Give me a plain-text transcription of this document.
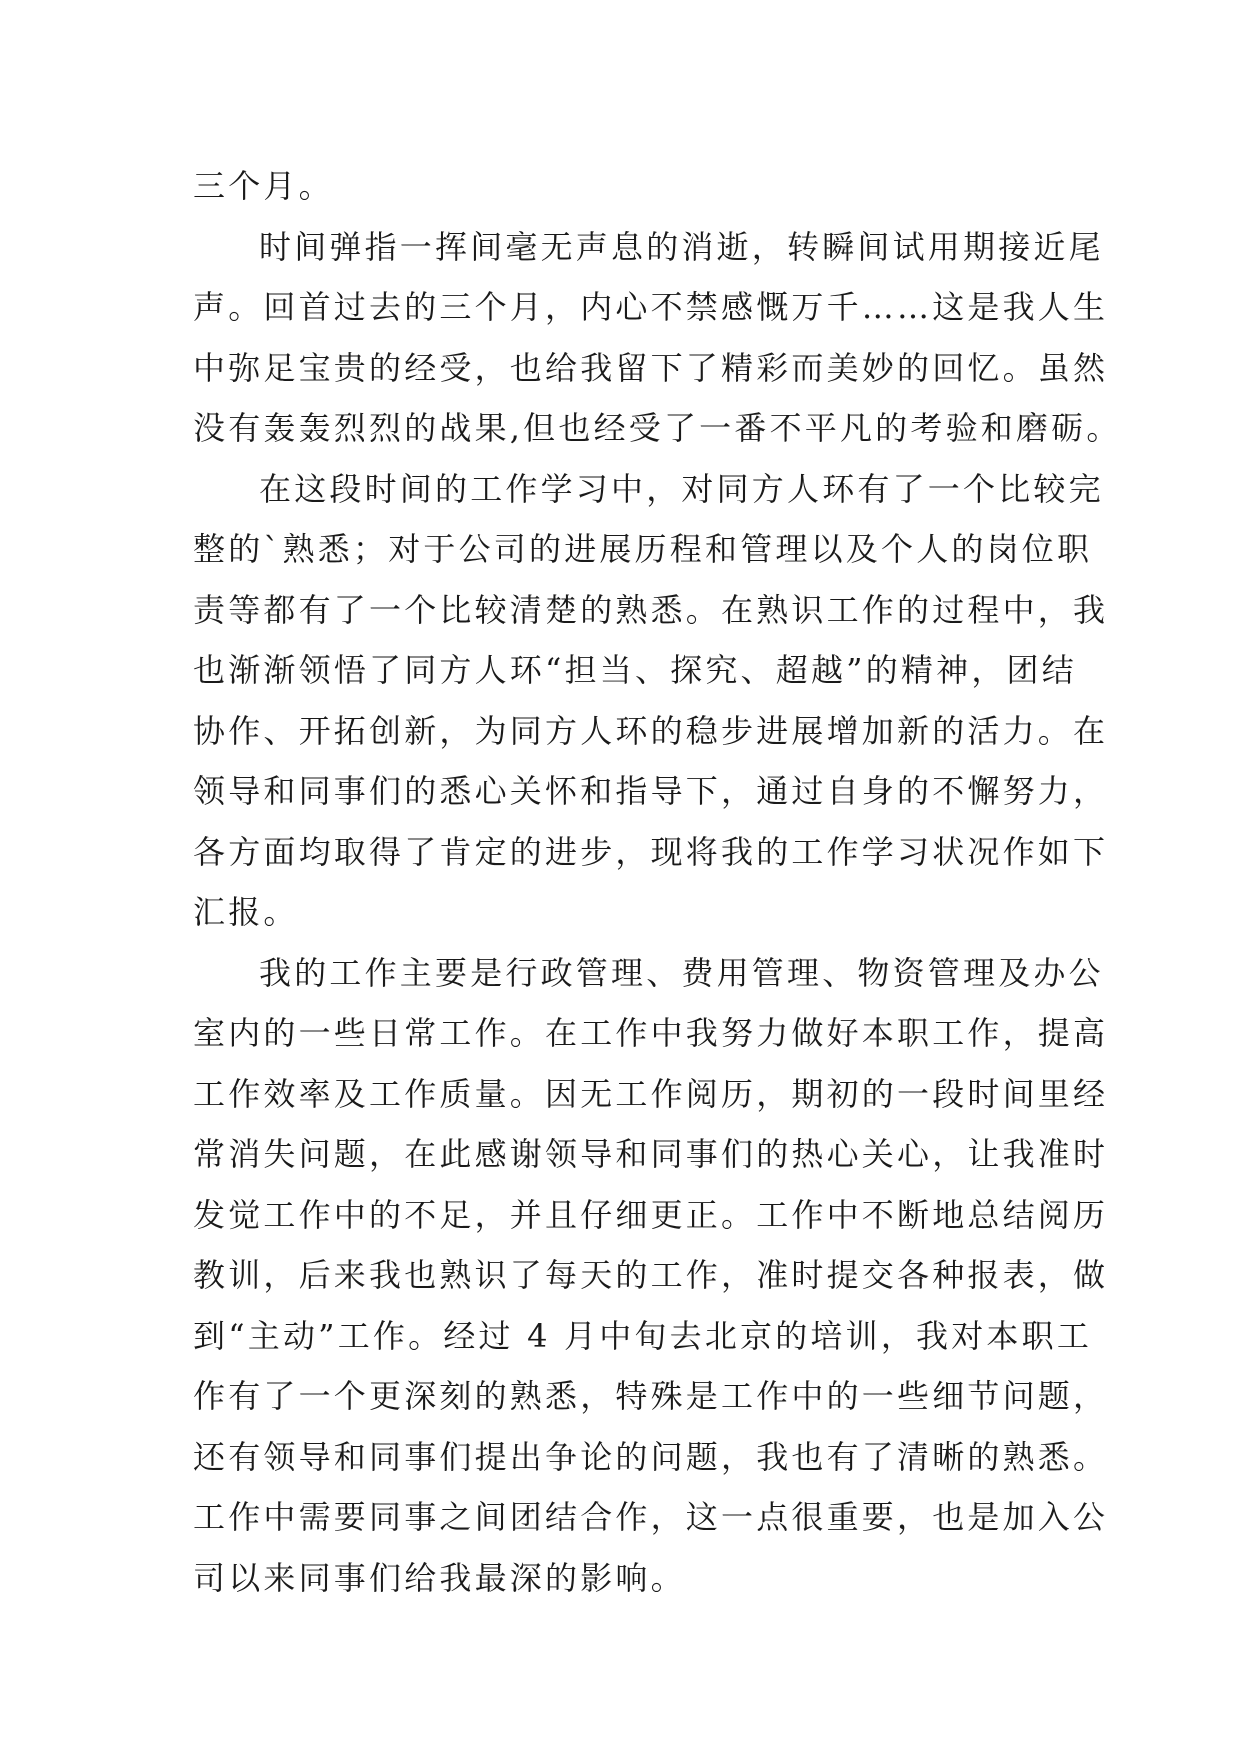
三个月。
时间弹指一挥间毫无声息的消逝，转瞬间试用期接近尾
声。回首过去的三个月，内心不禁感慨万千……这是我人生
中弥足宝贵的经受，也给我留下了精彩而美妙的回忆。虽然
没有轰轰烈烈的战果,但也经受了一番不平凡的考验和磨砺。
在这段时间的工作学习中，对同方人环有了一个比较完
整的`熟悉；对于公司的进展历程和管理以及个人的岗位职
责等都有了一个比较清楚的熟悉。在熟识工作的过程中，我
也渐渐领悟了同方人环“担当、探究、超越”的精神，团结
协作、开拓创新，为同方人环的稳步进展增加新的活力。在
领导和同事们的悉心关怀和指导下，通过自身的不懈努力，
各方面均取得了肯定的进步，现将我的工作学习状况作如下
汇报。
我的工作主要是行政管理、费用管理、物资管理及办公
室内的一些日常工作。在工作中我努力做好本职工作，提高
工作效率及工作质量。因无工作阅历，期初的一段时间里经
常消失问题，在此感谢领导和同事们的热心关心，让我准时
发觉工作中的不足，并且仔细更正。工作中不断地总结阅历
教训，后来我也熟识了每天的工作，准时提交各种报表，做
到“主动”工作。经过 4 月中旬去北京的培训，我对本职工
作有了一个更深刻的熟悉，特殊是工作中的一些细节问题，
还有领导和同事们提出争论的问题，我也有了清晰的熟悉。
工作中需要同事之间团结合作，这一点很重要，也是加入公
司以来同事们给我最深的影响。
